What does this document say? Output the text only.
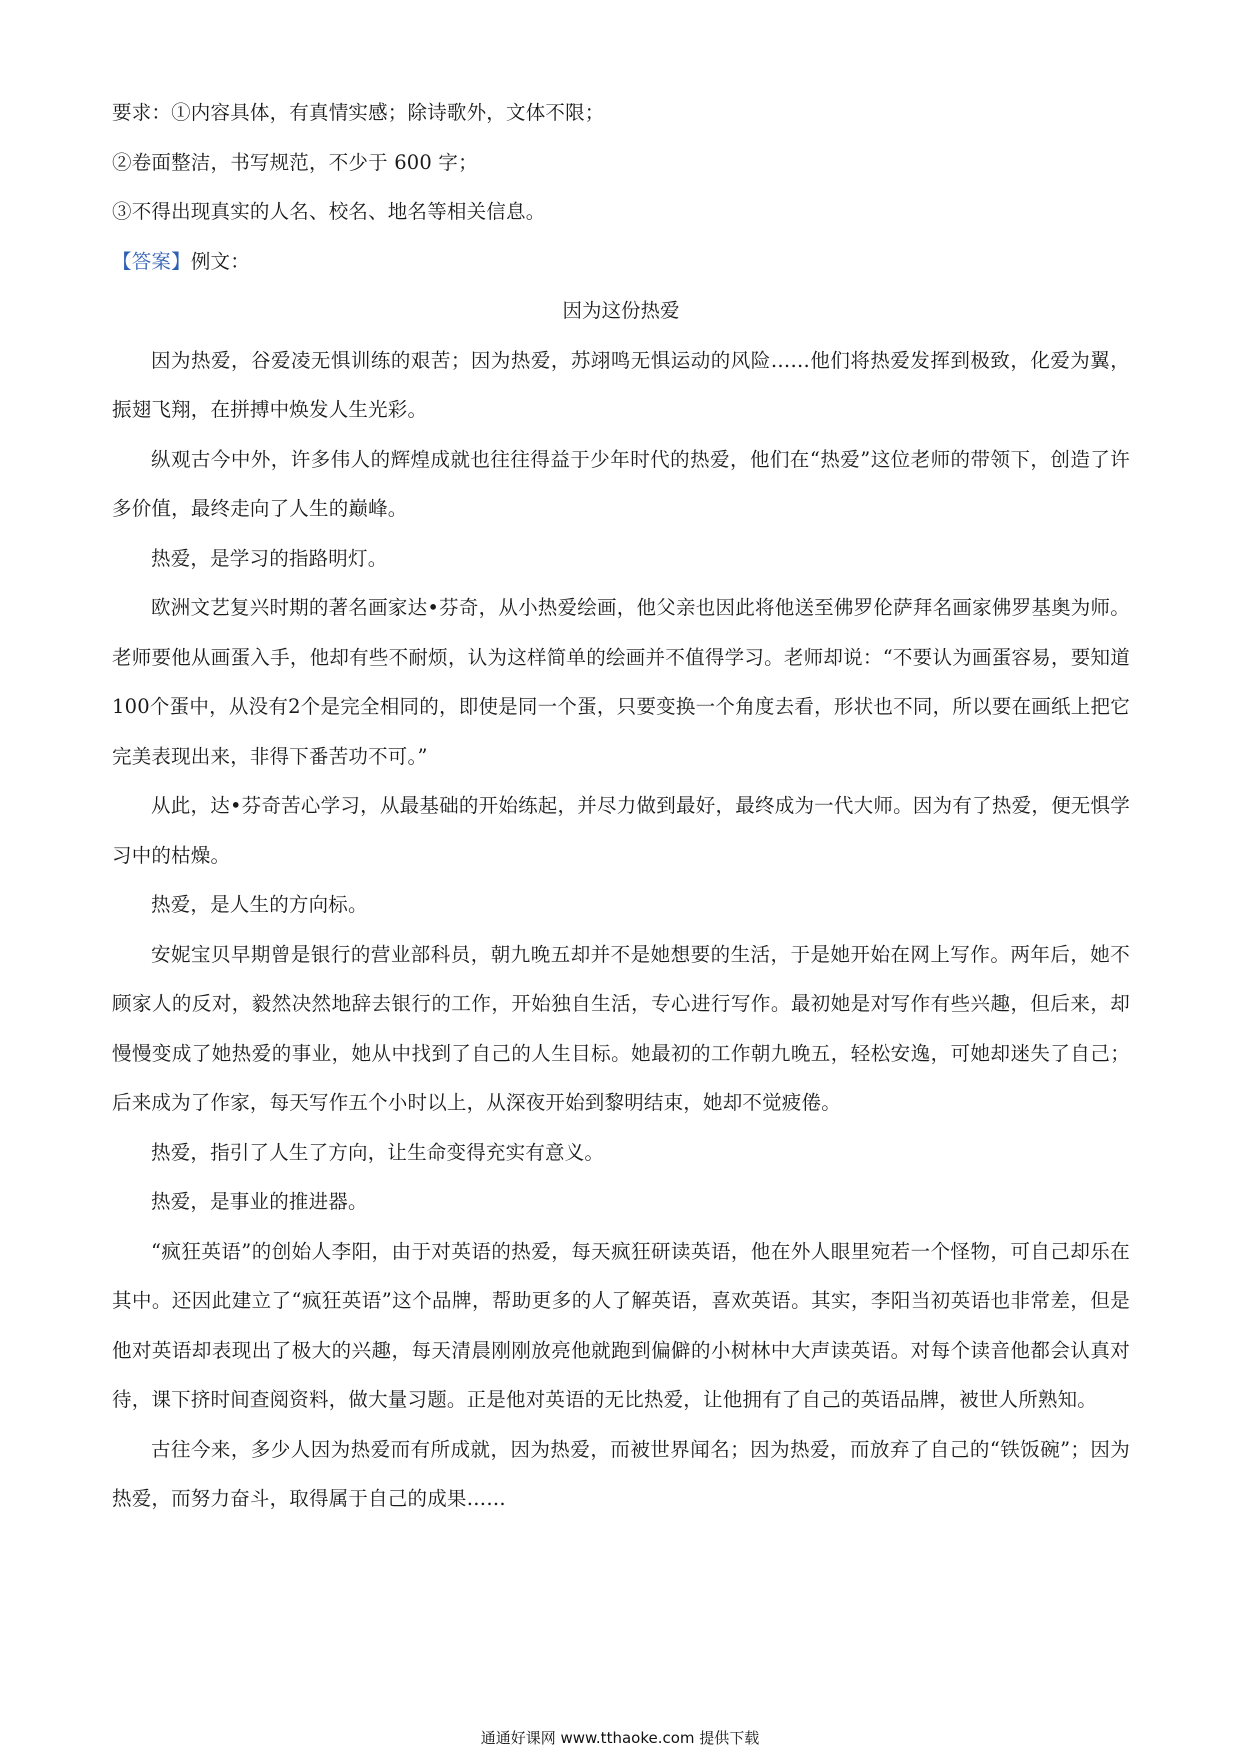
要求：①内容具体，有真情实感；除诗歌外，文体不限；
②卷面整洁，书写规范，不少于 600 字；
③不得出现真实的人名、校名、地名等相关信息。
【答案】例文：

因为这份热爱

因为热爱，谷爱凌无惧训练的艰苦；因为热爱，苏翊鸣无惧运动的风险……他们将热爱发挥到极致，化爱为翼，振翅飞翔，在拼搏中焕发人生光彩。

纵观古今中外，许多伟人的辉煌成就也往往得益于少年时代的热爱，他们在“热爱”这位老师的带领下，创造了许多价值，最终走向了人生的巅峰。

热爱，是学习的指路明灯。

欧洲文艺复兴时期的著名画家达•芬奇，从小热爱绘画，他父亲也因此将他送至佛罗伦萨拜名画家佛罗基奥为师。老师要他从画蛋入手，他却有些不耐烦，认为这样简单的绘画并不值得学习。老师却说：“不要认为画蛋容易，要知道100个蛋中，从没有2个是完全相同的，即使是同一个蛋，只要变换一个角度去看，形状也不同，所以要在画纸上把它完美表现出来，非得下番苦功不可。”

从此，达•芬奇苦心学习，从最基础的开始练起，并尽力做到最好，最终成为一代大师。因为有了热爱，便无惧学习中的枯燥。

热爱，是人生的方向标。

安妮宝贝早期曾是银行的营业部科员，朝九晚五却并不是她想要的生活，于是她开始在网上写作。两年后，她不顾家人的反对，毅然决然地辞去银行的工作，开始独自生活，专心进行写作。最初她是对写作有些兴趣，但后来，却慢慢变成了她热爱的事业，她从中找到了自己的人生目标。她最初的工作朝九晚五，轻松安逸，可她却迷失了自己；后来成为了作家，每天写作五个小时以上，从深夜开始到黎明结束，她却不觉疲倦。

热爱，指引了人生了方向，让生命变得充实有意义。

热爱，是事业的推进器。

“疯狂英语”的创始人李阳，由于对英语的热爱，每天疯狂研读英语，他在外人眼里宛若一个怪物，可自己却乐在其中。还因此建立了“疯狂英语”这个品牌，帮助更多的人了解英语，喜欢英语。其实，李阳当初英语也非常差，但是他对英语却表现出了极大的兴趣，每天清晨刚刚放亮他就跑到偏僻的小树林中大声读英语。对每个读音他都会认真对待，课下挤时间查阅资料，做大量习题。正是他对英语的无比热爱，让他拥有了自己的英语品牌，被世人所熟知。

古往今来，多少人因为热爱而有所成就，因为热爱，而被世界闻名；因为热爱，而放弃了自己的“铁饭碗”；因为热爱，而努力奋斗，取得属于自己的成果……

通通好课网 www.tthaoke.com 提供下载
